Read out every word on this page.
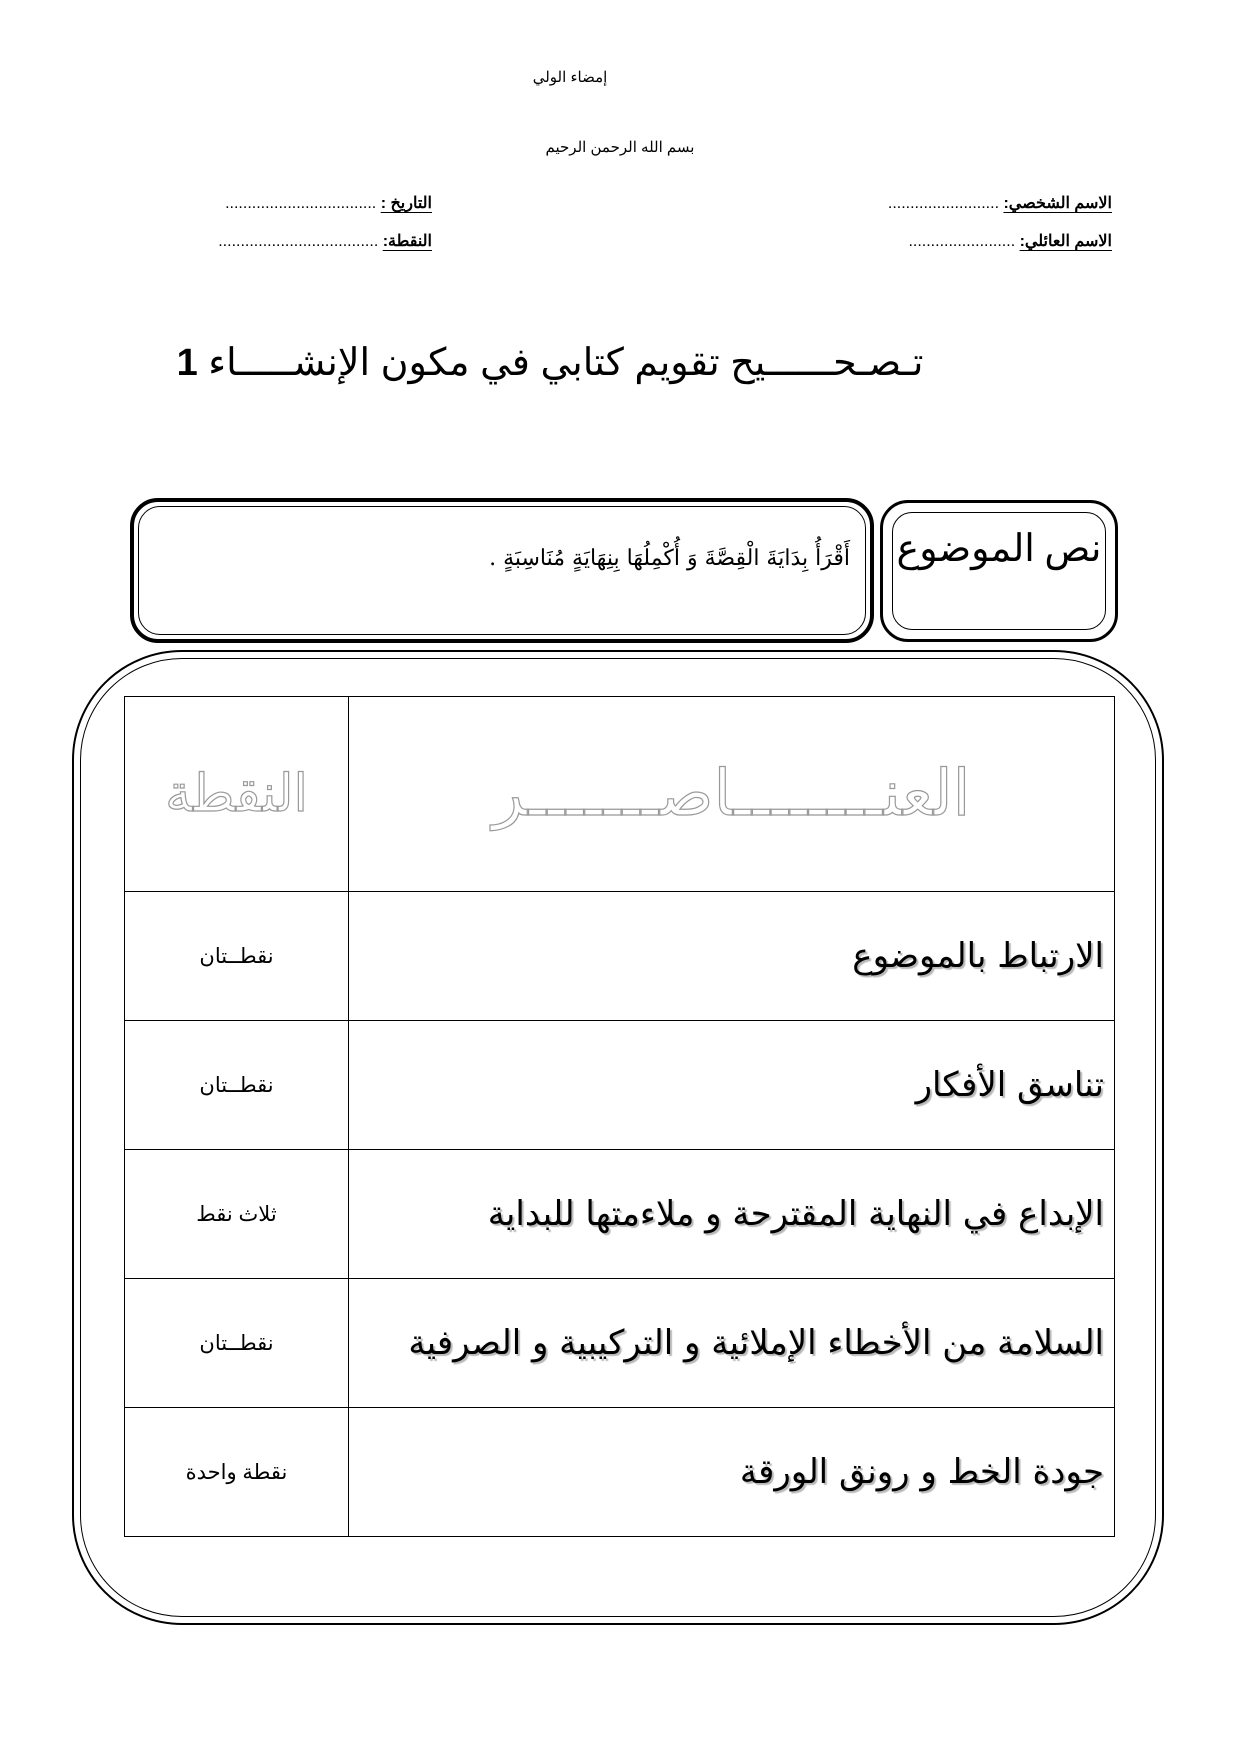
إمضاء الولي
بسم الله الرحمن الرحيم
الاسم الشخصي: .........................
الاسم العائلي: ........................
التاريخ : ..................................
النقطة: ....................................
تـصـحــــــيح تقويم كتابي في مكون الإنشـــــاء 1
نص الموضوع
أَقْرَأُ بِدَايَةَ الْقِصَّةَ وَ أُكْمِلُهَا بِنِهَايَةٍ مُنَاسِبَةٍ .
العنــــــــاصـــــــر	النقطة
الارتباط بالموضوع	نقطــتان
تناسق الأفكار	نقطــتان
الإبداع في النهاية المقترحة و ملاءمتها للبداية	ثلاث نقط
السلامة من الأخطاء الإملائية و التركيبية و الصرفية	نقطــتان
جودة الخط و رونق الورقة	نقطة واحدة
